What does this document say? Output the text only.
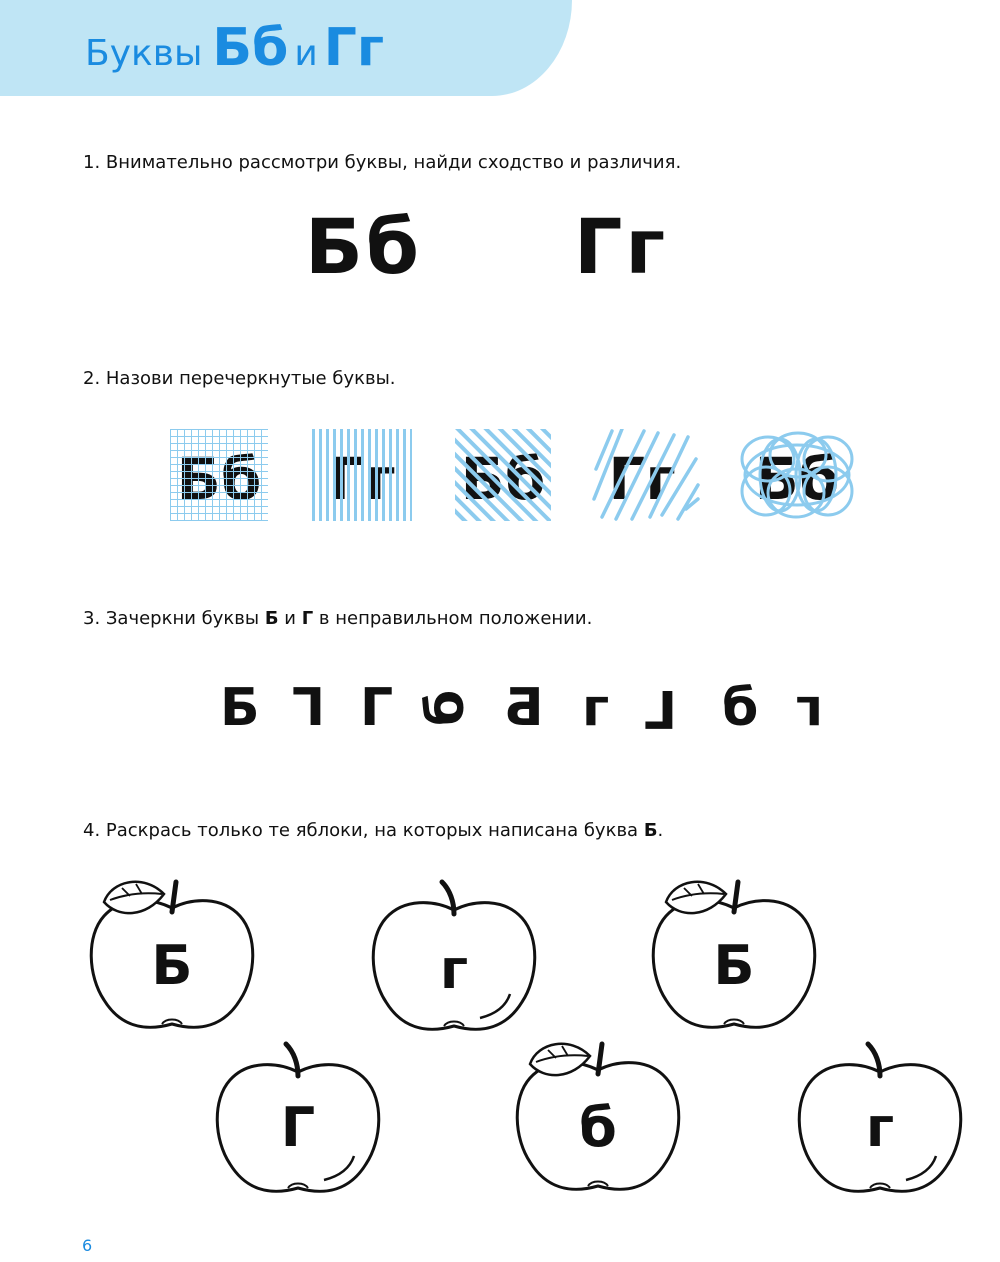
Буквы Бб и Гг
1. Внимательно рассмотри буквы, найди сходство и различия.
Бб Гг
2. Назови перечеркнутые буквы.
Гг Бб
3. Зачеркни буквы Б и Г в неправильном положении.
Б Г Г б Б г Г б г
4. Раскрась только те яблоки, на которых написана буква Б.
Б	г	Б
Г	б	г
6
